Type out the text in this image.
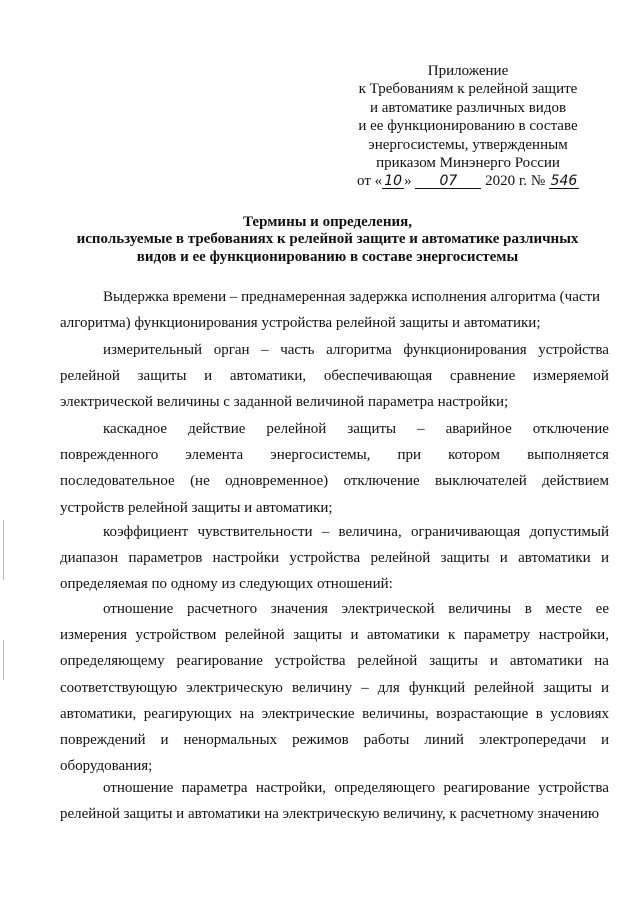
Приложение
к Требованиям к релейной защите
и автоматике различных видов
и ее функционированию в составе
энергосистемы, утвержденным
приказом Минэнерго России
от « 10 » 07 2020 г. № 546
Термины и определения,
используемые в требованиях к релейной защите и автоматике различных
видов и ее функционированию в составе энергосистемы
Выдержка времени – преднамеренная задержка исполнения алгоритма (части
алгоритма) функционирования устройства релейной защиты и автоматики;
измерительный орган – часть алгоритма функционирования устройства
релейной защиты и автоматики, обеспечивающая сравнение измеряемой
электрической величины с заданной величиной параметра настройки;
каскадное действие релейной защиты – аварийное отключение
поврежденного элемента энергосистемы, при котором выполняется
последовательное (не одновременное) отключение выключателей действием
устройств релейной защиты и автоматики;
коэффициент чувствительности – величина, ограничивающая допустимый
диапазон параметров настройки устройства релейной защиты и автоматики и
определяемая по одному из следующих отношений:
отношение расчетного значения электрической величины в месте ее
измерения устройством релейной защиты и автоматики к параметру настройки,
определяющему реагирование устройства релейной защиты и автоматики на
соответствующую электрическую величину – для функций релейной защиты и
автоматики, реагирующих на электрические величины, возрастающие в условиях
повреждений и ненормальных режимов работы линий электропередачи и
оборудования;
отношение параметра настройки, определяющего реагирование устройства
релейной защиты и автоматики на электрическую величину, к расчетному значению
